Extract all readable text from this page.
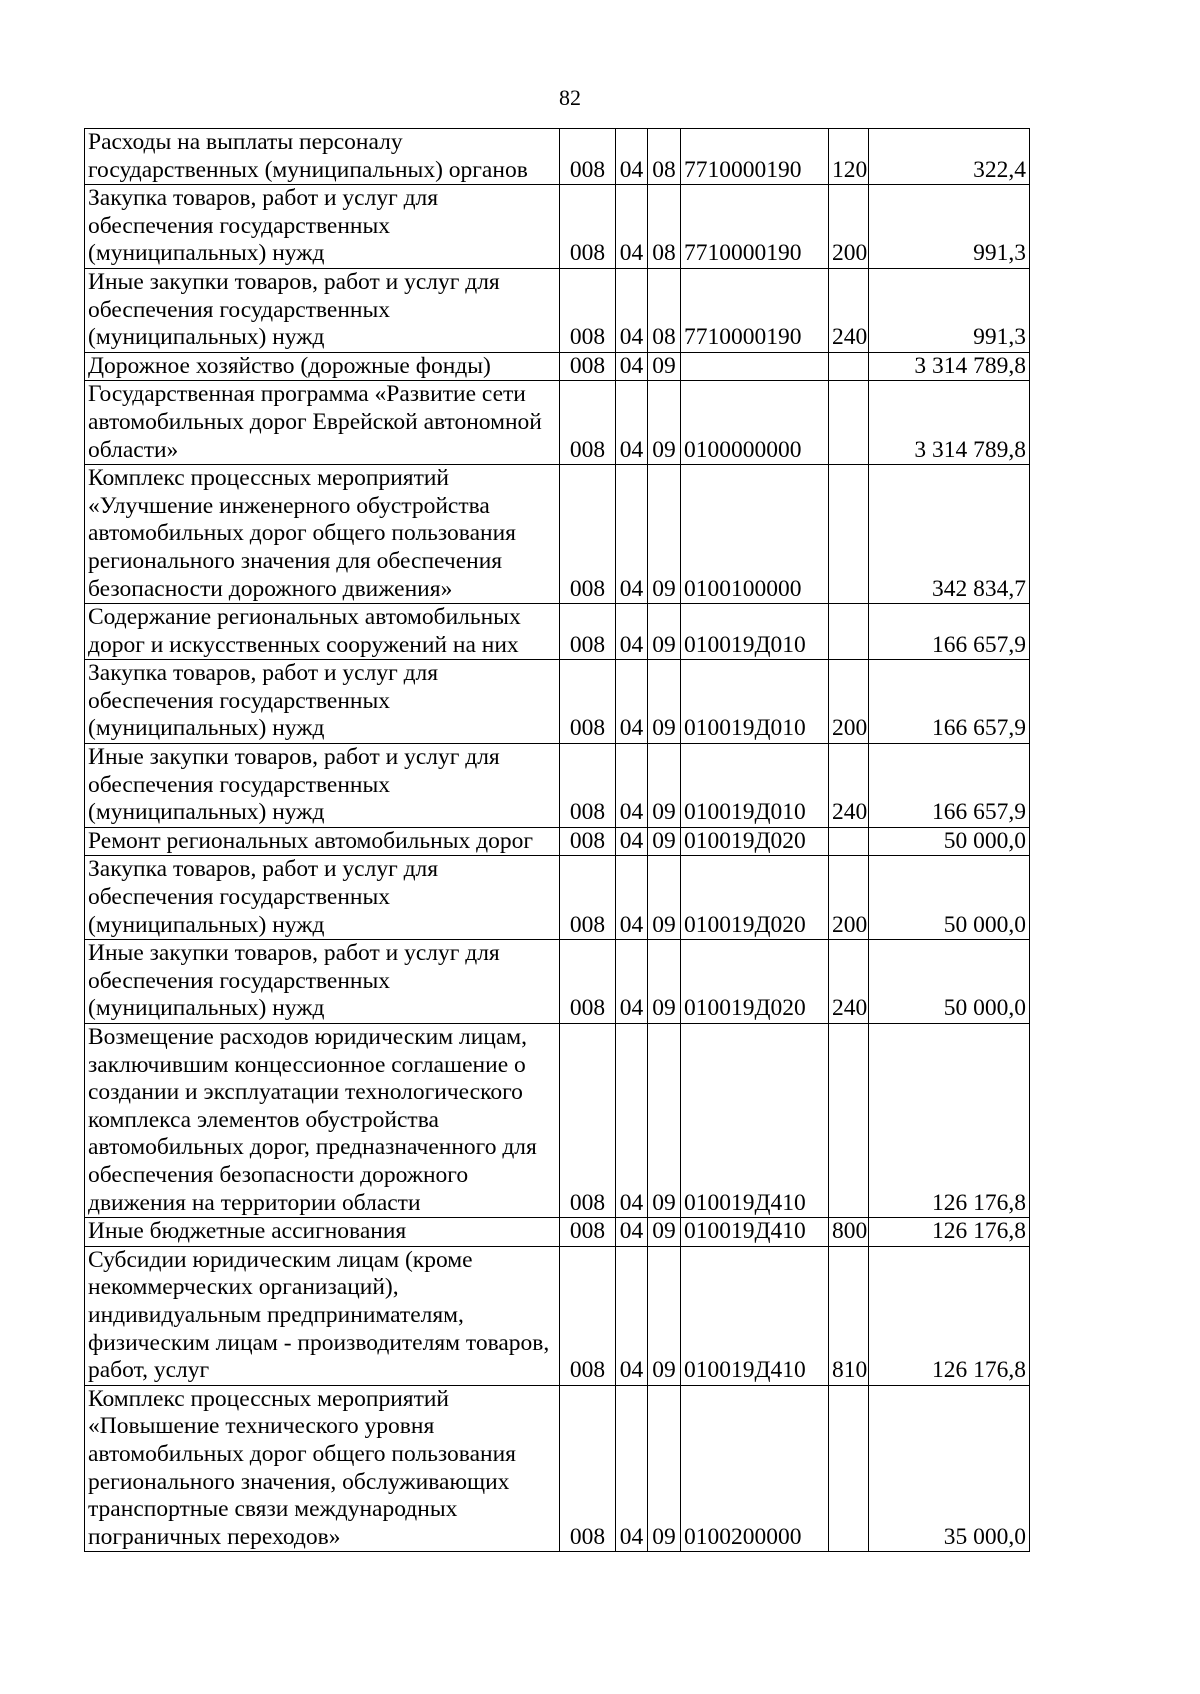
82
Расходы на выплаты персоналу государственных (муниципальных) органов	008	04	08	7710000190	120	322,4
Закупка товаров, работ и услуг для обеспечения государственных (муниципальных) нужд	008	04	08	7710000190	200	991,3
Иные закупки товаров, работ и услуг для обеспечения государственных (муниципальных) нужд	008	04	08	7710000190	240	991,3
Дорожное хозяйство (дорожные фонды)	008	04	09			3 314 789,8
Государственная программа «Развитие сети автомобильных дорог Еврейской автономной области»	008	04	09	0100000000		3 314 789,8
Комплекс процессных мероприятий «Улучшение инженерного обустройства автомобильных дорог общего пользования регионального значения для обеспечения безопасности дорожного движения»	008	04	09	0100100000		342 834,7
Содержание региональных автомобильных дорог и искусственных сооружений на них	008	04	09	010019Д010		166 657,9
Закупка товаров, работ и услуг для обеспечения государственных (муниципальных) нужд	008	04	09	010019Д010	200	166 657,9
Иные закупки товаров, работ и услуг для обеспечения государственных (муниципальных) нужд	008	04	09	010019Д010	240	166 657,9
Ремонт региональных автомобильных дорог	008	04	09	010019Д020		50 000,0
Закупка товаров, работ и услуг для обеспечения государственных (муниципальных) нужд	008	04	09	010019Д020	200	50 000,0
Иные закупки товаров, работ и услуг для обеспечения государственных (муниципальных) нужд	008	04	09	010019Д020	240	50 000,0
Возмещение расходов юридическим лицам, заключившим концессионное соглашение о создании и эксплуатации технологического комплекса элементов обустройства автомобильных дорог, предназначенного для обеспечения безопасности дорожного движения на территории области	008	04	09	010019Д410		126 176,8
Иные бюджетные ассигнования	008	04	09	010019Д410	800	126 176,8
Субсидии юридическим лицам (кроме некоммерческих организаций), индивидуальным предпринимателям, физическим лицам - производителям товаров, работ, услуг	008	04	09	010019Д410	810	126 176,8
Комплекс процессных мероприятий «Повышение технического уровня автомобильных дорог общего пользования регионального значения, обслуживающих транспортные связи международных пограничных переходов»	008	04	09	0100200000		35 000,0
